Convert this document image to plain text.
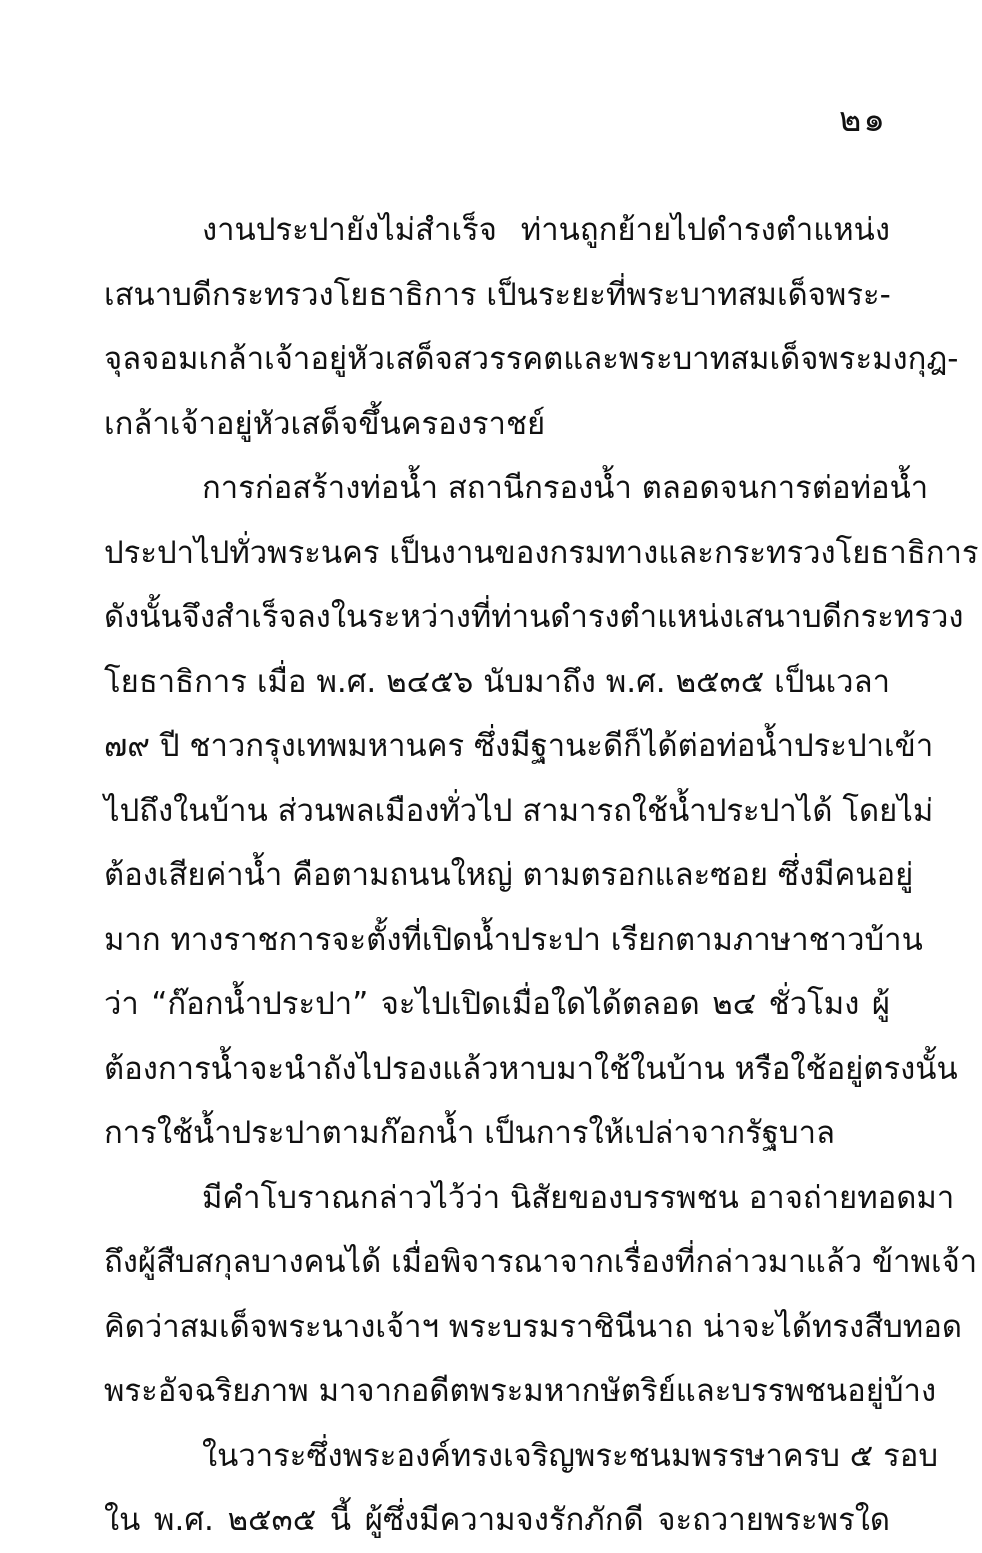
๒๑
งานประปายังไม่สำเร็จ ท่านถูกย้ายไปดำรงตำแหน่ง
เสนาบดีกระทรวงโยธาธิการ เป็นระยะที่พระบาทสมเด็จพระ-
จุลจอมเกล้าเจ้าอยู่หัวเสด็จสวรรคตและพระบาทสมเด็จพระมงกุฎ-
เกล้าเจ้าอยู่หัวเสด็จขึ้นครองราชย์
การก่อสร้างท่อน้ำ สถานีกรองน้ำ ตลอดจนการต่อท่อน้ำ
ประปาไปทั่วพระนคร เป็นงานของกรมทางและกระทรวงโยธาธิการ
ดังนั้นจึงสำเร็จลงในระหว่างที่ท่านดำรงตำแหน่งเสนาบดีกระทรวง
โยธาธิการ เมื่อ พ.ศ. ๒๔๕๖ นับมาถึง พ.ศ. ๒๕๓๕ เป็นเวลา
๗๙ ปี ชาวกรุงเทพมหานคร ซึ่งมีฐานะดีก็ได้ต่อท่อน้ำประปาเข้า
ไปถึงในบ้าน ส่วนพลเมืองทั่วไป สามารถใช้น้ำประปาได้ โดยไม่
ต้องเสียค่าน้ำ คือตามถนนใหญ่ ตามตรอกและซอย ซึ่งมีคนอยู่
มาก ทางราชการจะตั้งที่เปิดน้ำประปา เรียกตามภาษาชาวบ้าน
ว่า “ก๊อกน้ำประปา” จะไปเปิดเมื่อใดได้ตลอด ๒๔ ชั่วโมง ผู้
ต้องการน้ำจะนำถังไปรองแล้วหาบมาใช้ในบ้าน หรือใช้อยู่ตรงนั้น
การใช้น้ำประปาตามก๊อกน้ำ เป็นการให้เปล่าจากรัฐบาล
มีคำโบราณกล่าวไว้ว่า นิสัยของบรรพชน อาจถ่ายทอดมา
ถึงผู้สืบสกุลบางคนได้ เมื่อพิจารณาจากเรื่องที่กล่าวมาแล้ว ข้าพเจ้า
คิดว่าสมเด็จพระนางเจ้าฯ พระบรมราชินีนาถ น่าจะได้ทรงสืบทอด
พระอัจฉริยภาพ มาจากอดีตพระมหากษัตริย์และบรรพชนอยู่บ้าง
ในวาระซึ่งพระองค์ทรงเจริญพระชนมพรรษาครบ ๕ รอบ
ใน พ.ศ. ๒๕๓๕ นี้ ผู้ซึ่งมีความจงรักภักดี จะถวายพระพรใด
